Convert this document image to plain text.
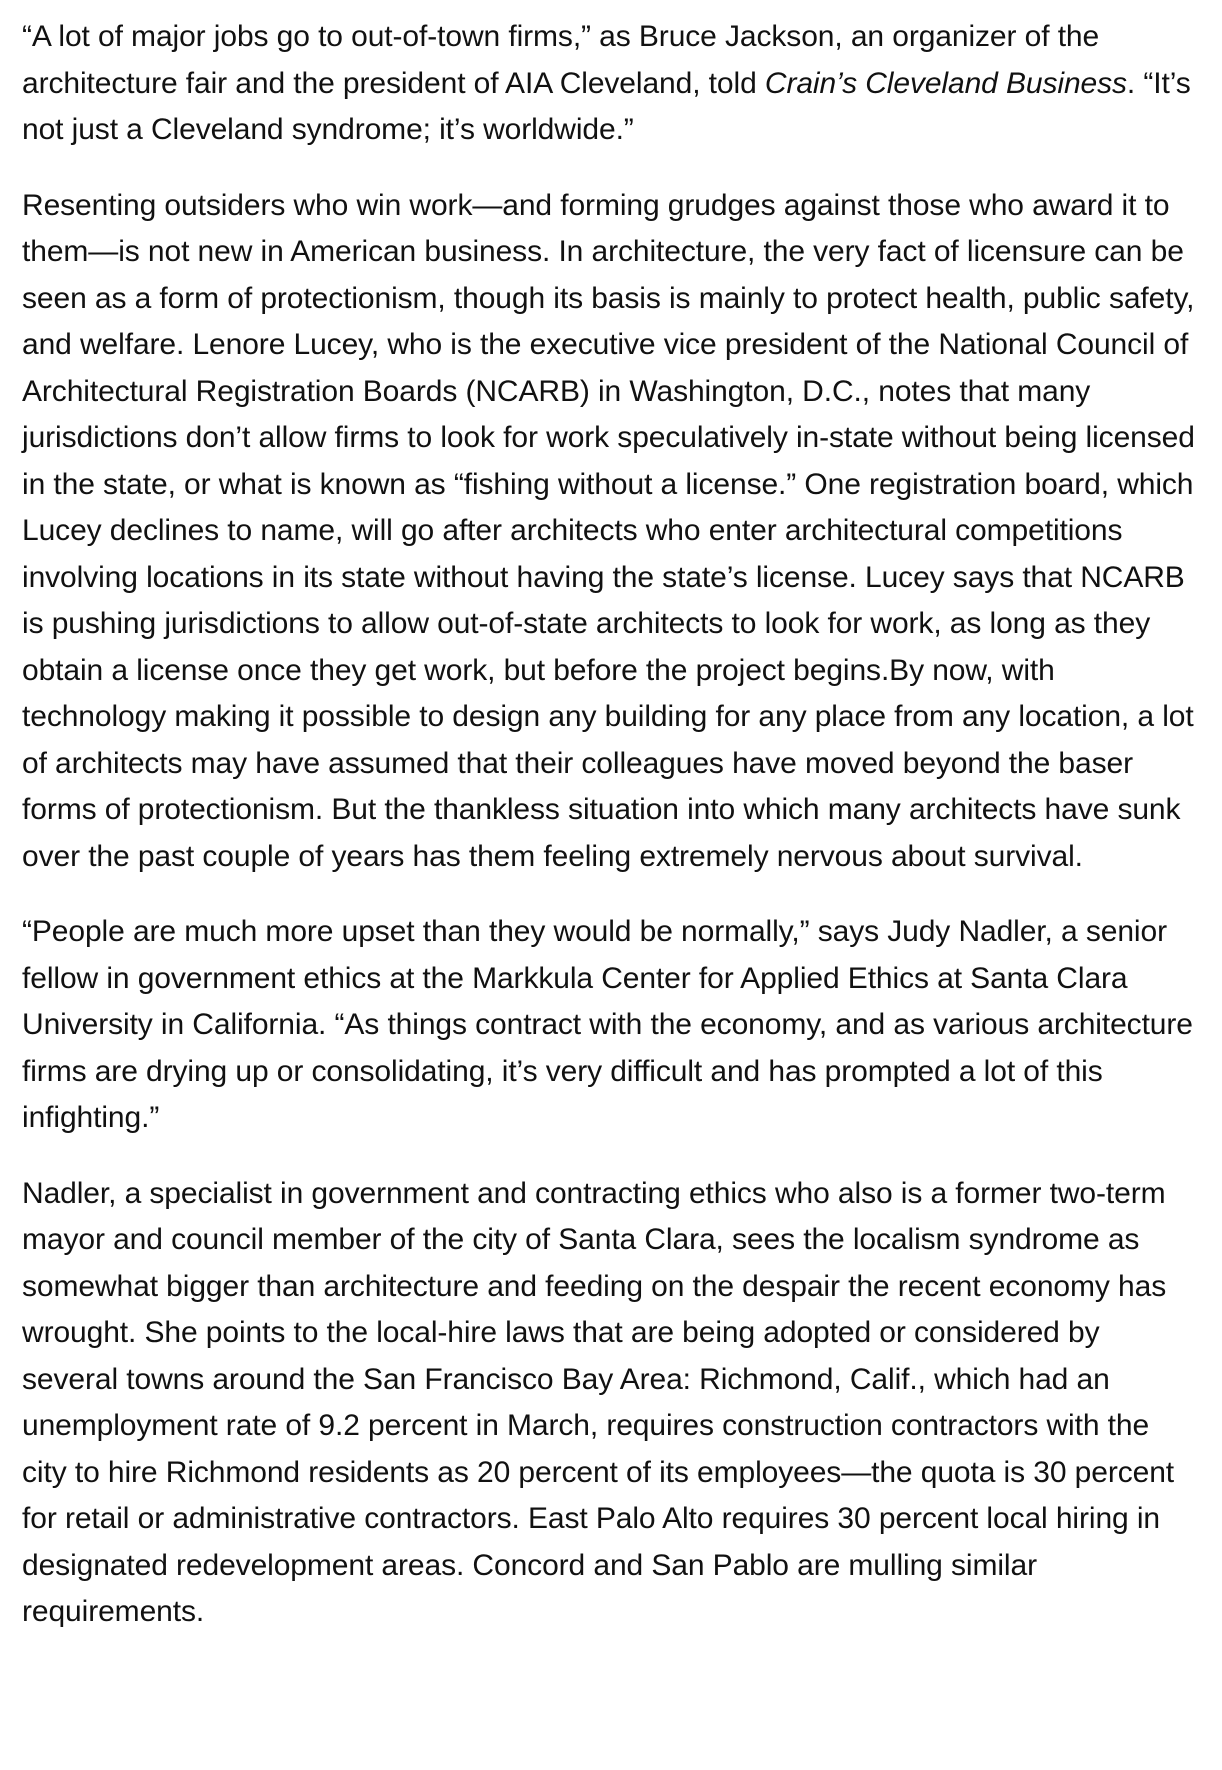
“A lot of major jobs go to out-of-town firms,” as Bruce Jackson, an organizer of the architecture fair and the president of AIA Cleveland, told Crain’s Cleveland Business. “It’s not just a Cleveland syndrome; it’s worldwide.”

Resenting outsiders who win work—and forming grudges against those who award it to them—is not new in American business. In architecture, the very fact of licensure can be seen as a form of protectionism, though its basis is mainly to protect health, public safety, and welfare. Lenore Lucey, who is the executive vice president of the National Council of Architectural Registration Boards (NCARB) in Washington, D.C., notes that many jurisdictions don’t allow firms to look for work speculatively in-state without being licensed in the state, or what is known as “fishing without a license.” One registration board, which Lucey declines to name, will go after architects who enter architectural competitions involving locations in its state without having the state’s license. Lucey says that NCARB is pushing jurisdictions to allow out-of-state architects to look for work, as long as they obtain a license once they get work, but before the project begins.By now, with technology making it possible to design any building for any place from any location, a lot of architects may have assumed that their colleagues have moved beyond the baser forms of protectionism. But the thankless situation into which many architects have sunk over the past couple of years has them feeling extremely nervous about survival.

“People are much more upset than they would be normally,” says Judy Nadler, a senior fellow in government ethics at the Markkula Center for Applied Ethics at Santa Clara University in California. “As things contract with the economy, and as various architecture firms are drying up or consolidating, it’s very difficult and has prompted a lot of this infighting.”

Nadler, a specialist in government and contracting ethics who also is a former two-term mayor and council member of the city of Santa Clara, sees the localism syndrome as somewhat bigger than architecture and feeding on the despair the recent economy has wrought. She points to the local-hire laws that are being adopted or considered by several towns around the San Francisco Bay Area: Richmond, Calif., which had an unemployment rate of 9.2 percent in March, requires construction contractors with the city to hire Richmond residents as 20 percent of its employees—the quota is 30 percent for retail or administrative contractors. East Palo Alto requires 30 percent local hiring in designated redevelopment areas. Concord and San Pablo are mulling similar requirements.
